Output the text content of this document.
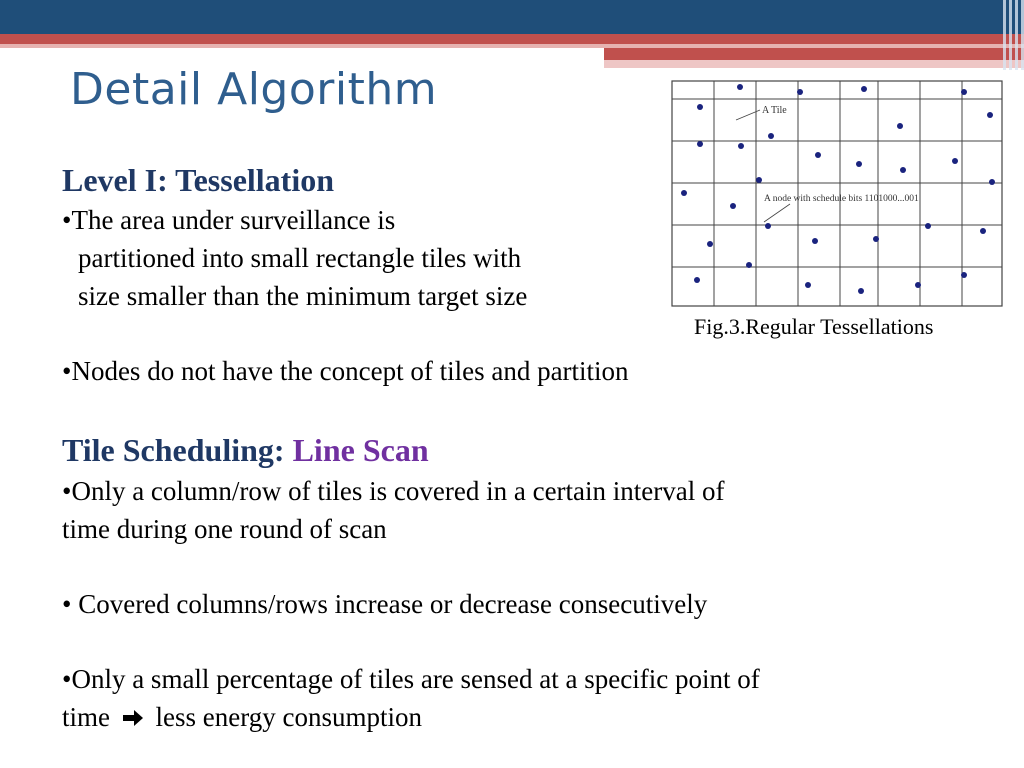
Detail Algorithm
Level I: Tessellation
•The area under surveillance is
partitioned into small rectangle tiles with
size smaller than the minimum target size
•Nodes do not have the concept of tiles and partition
A Tile
A node with schedule bits 1101000...001
Fig.3.Regular Tessellations
Tile Scheduling: Line Scan
•Only a column/row of tiles is covered in a certain interval of
time during one round of scan
• Covered columns/rows increase or decrease consecutively
•Only a small percentage of tiles are sensed at a specific point of
time less energy consumption
